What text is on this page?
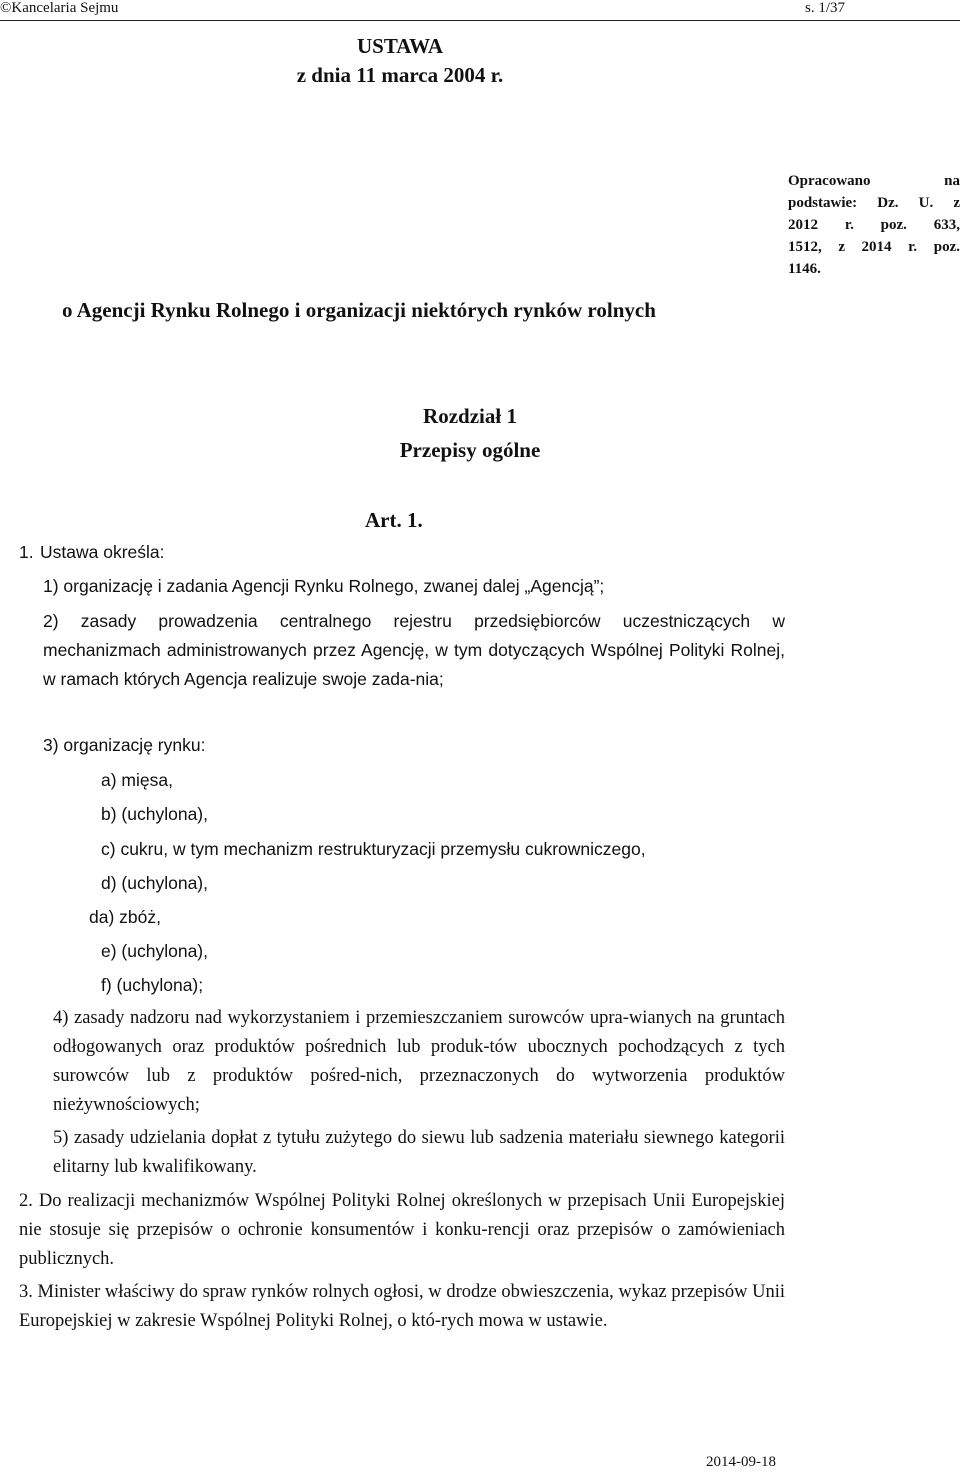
©Kancelaria Sejmu	s. 1/37
USTAWA
z dnia 11 marca 2004 r.
Opracowano na
podstawie: Dz. U. z
2012 r. poz. 633,
1512, z 2014 r. poz.
1146.
o Agencji Rynku Rolnego i organizacji niektórych rynków rolnych
Rozdział 1
Przepisy ogólne
Art. 1.
1. Ustawa określa:
1) organizację i zadania Agencji Rynku Rolnego, zwanej dalej „Agencją”;
2) zasady prowadzenia centralnego rejestru przedsiębiorców uczestniczących w mechanizmach administrowanych przez Agencję, w tym dotyczących Wspólnej Polityki Rolnej, w ramach których Agencja realizuje swoje zada-nia;
3) organizację rynku:
a) mięsa,
b) (uchylona),
c) cukru, w tym mechanizm restrukturyzacji przemysłu cukrowniczego,
d) (uchylona),
da) zbóż,
e) (uchylona),
f) (uchylona);
4) zasady nadzoru nad wykorzystaniem i przemieszczaniem surowców upra-wianych na gruntach odłogowanych oraz produktów pośrednich lub produk-tów ubocznych pochodzących z tych surowców lub z produktów pośred-nich, przeznaczonych do wytworzenia produktów nieżywnościowych;
5) zasady udzielania dopłat z tytułu zużytego do siewu lub sadzenia materiału siewnego kategorii elitarny lub kwalifikowany.
2. Do realizacji mechanizmów Wspólnej Polityki Rolnej określonych w przepisach Unii Europejskiej nie stosuje się przepisów o ochronie konsumentów i konku-rencji oraz przepisów o zamówieniach publicznych.
3. Minister właściwy do spraw rynków rolnych ogłosi, w drodze obwieszczenia, wykaz przepisów Unii Europejskiej w zakresie Wspólnej Polityki Rolnej, o któ-rych mowa w ustawie.
2014-09-18
